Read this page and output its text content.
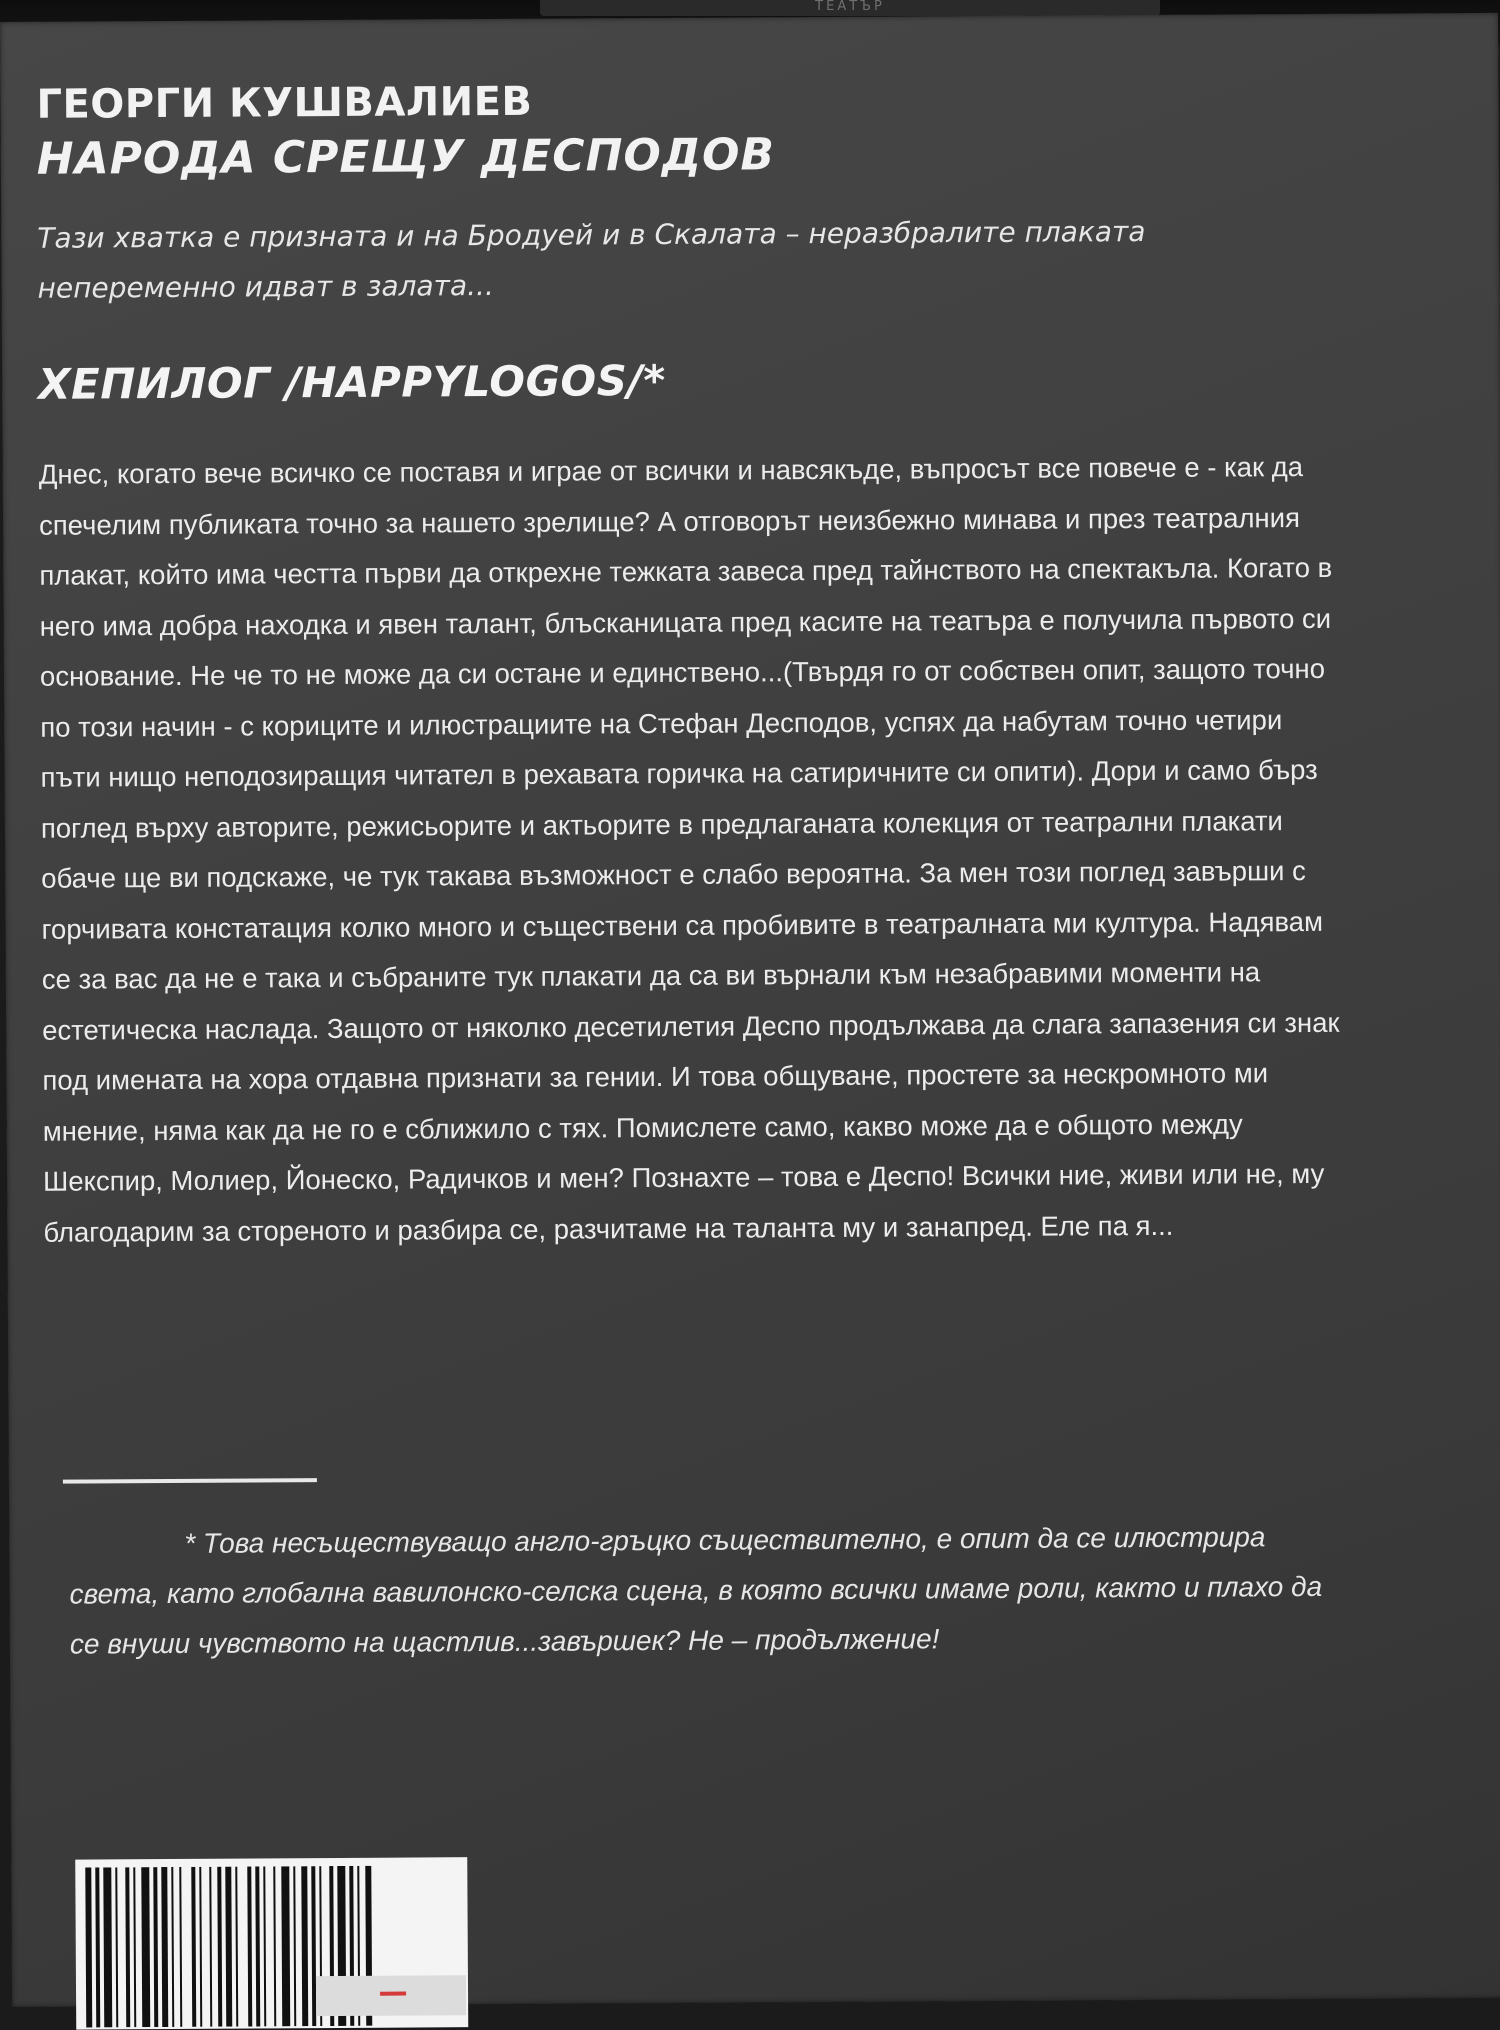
ТЕАТЪР
ГЕОРГИ КУШВАЛИЕВ
НАРОДА СРЕЩУ ДЕСПОДОВ
Тази хватка е призната и на Бродуей и в Скалата – неразбралите плаката непеременно идват в залата...
ХЕПИЛОГ /HAPPYLOGOS/*
Днес, когато вече всичко се поставя и играе от всички и навсякъде, въпросът все повече е - как да спечелим публиката точно за нашето зрелище? А отговорът неизбежно минава и през театралния плакат, който има честта първи да открехне тежката завеса пред тайнството на спектакъла. Когато в него има добра находка и явен талант, блъсканицата пред касите на театъра е получила първото си основание. Не че то не може да си остане и единствено...(Твърдя го от собствен опит, защото точно по този начин - с кориците и илюстрациите на Стефан Десподов, успях да набутам точно четири пъти нищо неподозиращия читател в рехавата горичка на сатиричните си опити). Дори и само бърз поглед върху авторите, режисьорите и актьорите в предлаганата колекция от театрални плакати обаче ще ви подскаже, че тук такава възможност е слабо вероятна. За мен този поглед завърши с горчивата констатация колко много и съществени са пробивите в театралната ми култура. Надявам се за вас да не е така и събраните тук плакати да са ви върнали към незабравими моменти на естетическа наслада. Защото от няколко десетилетия Деспо продължава да слага запазения си знак под имената на хора отдавна признати за гении. И това общуване, простете за нескромното ми мнение, няма как да не го е сближило с тях. Помислете само, какво може да е общото между Шекспир, Молиер, Йонеско, Радичков и мен? Познахте – това е Деспо! Всички ние, живи или не, му благодарим за стореното и разбира се, разчитаме на таланта му и занапред. Еле па я...
* Това несъществуващо англо-гръцко съществително, е опит да се илюстрира света, като глобална вавилонско-селска сцена, в която всички имаме роли, както и плахо да се внуши чувството на щастлив...завършек? Не – продължение!
